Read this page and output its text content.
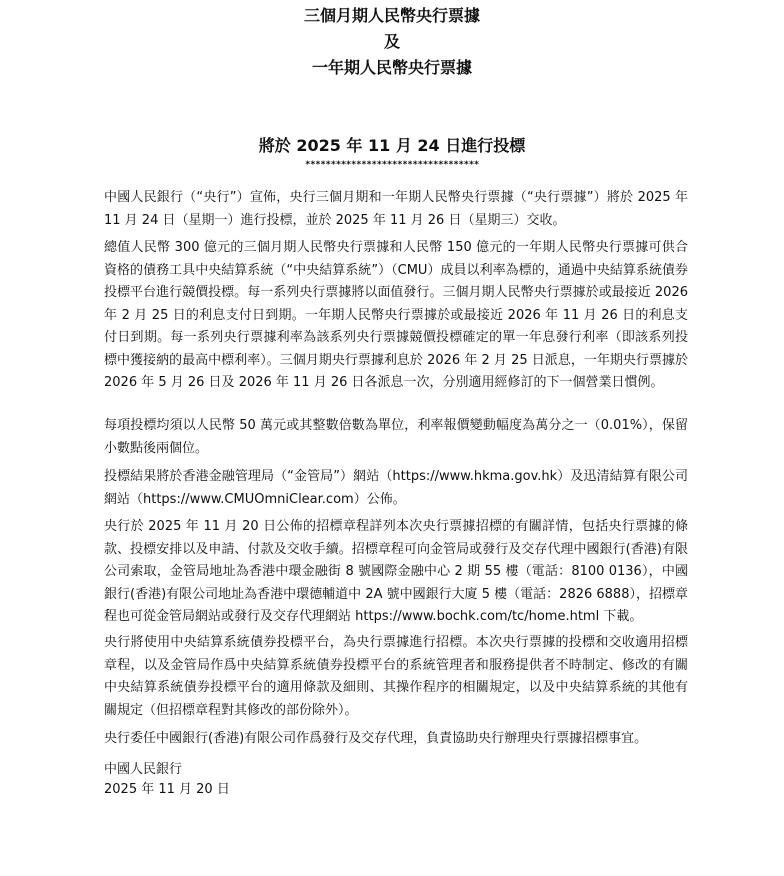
三個月期人民幣央行票據
及
一年期人民幣央行票據
將於 2025 年 11 月 24 日進行投標
**********************************

中國人民銀行（“央行”）宣佈，央行三個月期和一年期人民幣央行票據（“央行票據”）將於 2025 年 11 月 24 日（星期一）進行投標，並於 2025 年 11 月 26 日（星期三）交收。

總值人民幣 300 億元的三個月期人民幣央行票據和人民幣 150 億元的一年期人民幣央行票據可供合資格的債務工具中央結算系統（“中央結算系統”）（CMU）成員以利率為標的，通過中央結算系統債券投標平台進行競價投標。每一系列央行票據將以面值發行。三個月期人民幣央行票據於或最接近 2026 年 2 月 25 日的利息支付日到期。一年期人民幣央行票據於或最接近 2026 年 11 月 26 日的利息支付日到期。每一系列央行票據利率為該系列央行票據競價投標確定的單一年息發行利率（即該系列投標中獲接納的最高中標利率）。三個月期央行票據利息於 2026 年 2 月 25 日派息，一年期央行票據於 2026 年 5 月 26 日及 2026 年 11 月 26 日各派息一次，分別適用經修訂的下一個營業日慣例。

每項投標均須以人民幣 50 萬元或其整數倍數為單位，利率報價變動幅度為萬分之一（0.01%），保留小數點後兩個位。

投標結果將於香港金融管理局（“金管局”）網站（https://www.hkma.gov.hk）及迅清結算有限公司網站（https://www.CMUOmniClear.com）公佈。

央行於 2025 年 11 月 20 日公佈的招標章程詳列本次央行票據招標的有關詳情，包括央行票據的條款、投標安排以及申請、付款及交收手續。招標章程可向金管局或發行及交存代理中國銀行(香港)有限公司索取，金管局地址為香港中環金融街 8 號國際金融中心 2 期 55 樓（電話：8100 0136），中國銀行(香港)有限公司地址為香港中環德輔道中 2A 號中國銀行大廈 5 樓（電話：2826 6888），招標章程也可從金管局網站或發行及交存代理網站 https://www.bochk.com/tc/home.html 下載。

央行將使用中央結算系統債券投標平台，為央行票據進行招標。本次央行票據的投標和交收適用招標章程，以及金管局作爲中央結算系統債券投標平台的系統管理者和服務提供者不時制定、修改的有關中央結算系統債券投標平台的適用條款及細則、其操作程序的相關規定，以及中央結算系統的其他有關規定（但招標章程對其修改的部份除外）。

央行委任中國銀行(香港)有限公司作爲發行及交存代理，負責協助央行辦理央行票據招標事宜。

中國人民銀行
2025 年 11 月 20 日
